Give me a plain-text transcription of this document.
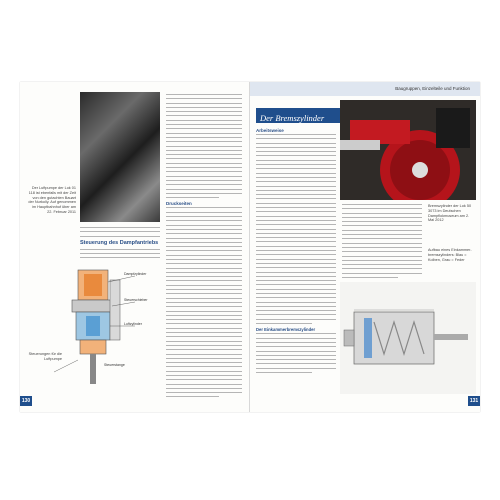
Der Luftpumpe der Lok 01 118 ist ebenfalls mit der Zeit von den gutachten Bauart der Nurkolly. Auf genommen im Hauptbahnhof über am 22. Februar 2011
Druckseiten
Steuerung des Dampfantriebs
Dampfzylinder
Steuerschieber
Luftzylinder
Steuerstange
Steuerungen für die Luftpumpe
130
Baugruppen, Einzelteile und Funktion
Der Bremszylinder
Arbeitsweise
Der Einkammerbremszylinder
Bremszylinder der Lok 50 3073 im Deutschen Dampflokmuseum am 2. Mai 2012
Aufbau eines Einkammer-bremszylinders: Blau = Kolben, Grau = Feder
131
